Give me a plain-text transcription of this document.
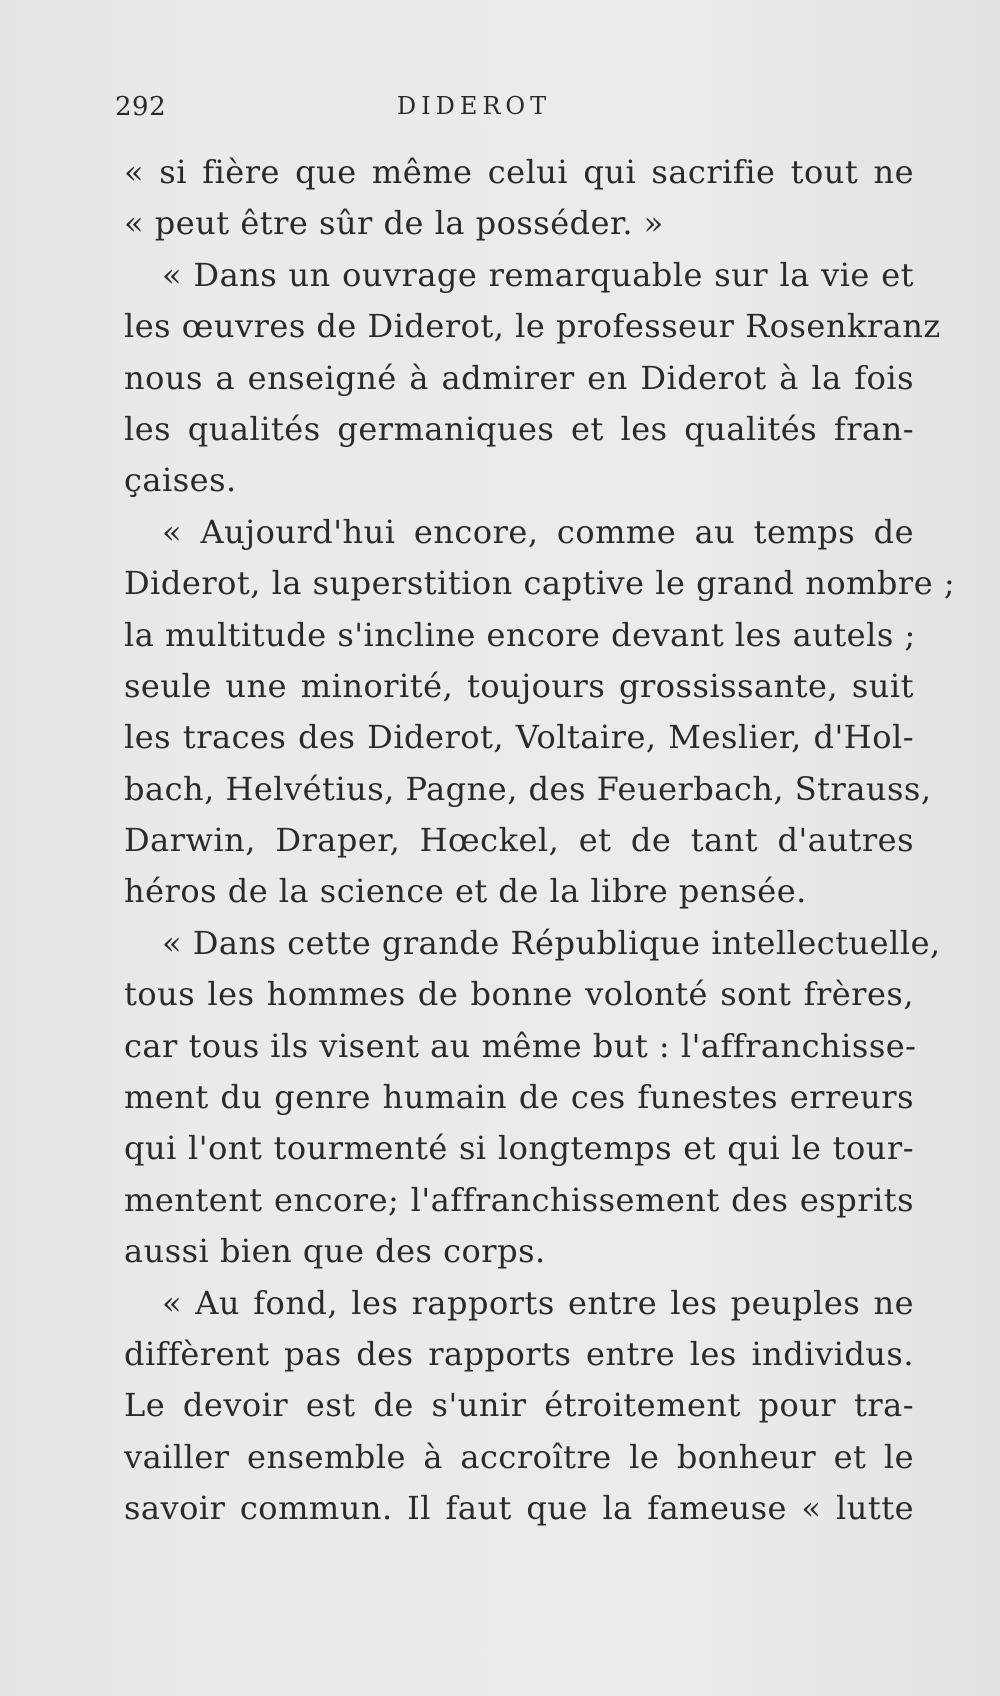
292	DIDEROT
« si fière que même celui qui sacrifie tout ne
« peut être sûr de la posséder. »
« Dans un ouvrage remarquable sur la vie et
les œuvres de Diderot, le professeur Rosenkranz
nous a enseigné à admirer en Diderot à la fois
les qualités germaniques et les qualités fran-
çaises.
« Aujourd'hui encore, comme au temps de
Diderot, la superstition captive le grand nombre ;
la multitude s'incline encore devant les autels ;
seule une minorité, toujours grossissante, suit
les traces des Diderot, Voltaire, Meslier, d'Hol-
bach, Helvétius, Pagne, des Feuerbach, Strauss,
Darwin, Draper, Hœckel, et de tant d'autres
héros de la science et de la libre pensée.
« Dans cette grande République intellectuelle,
tous les hommes de bonne volonté sont frères,
car tous ils visent au même but : l'affranchisse-
ment du genre humain de ces funestes erreurs
qui l'ont tourmenté si longtemps et qui le tour-
mentent encore; l'affranchissement des esprits
aussi bien que des corps.
« Au fond, les rapports entre les peuples ne
diffèrent pas des rapports entre les individus.
Le devoir est de s'unir étroitement pour tra-
vailler ensemble à accroître le bonheur et le
savoir commun. Il faut que la fameuse « lutte
